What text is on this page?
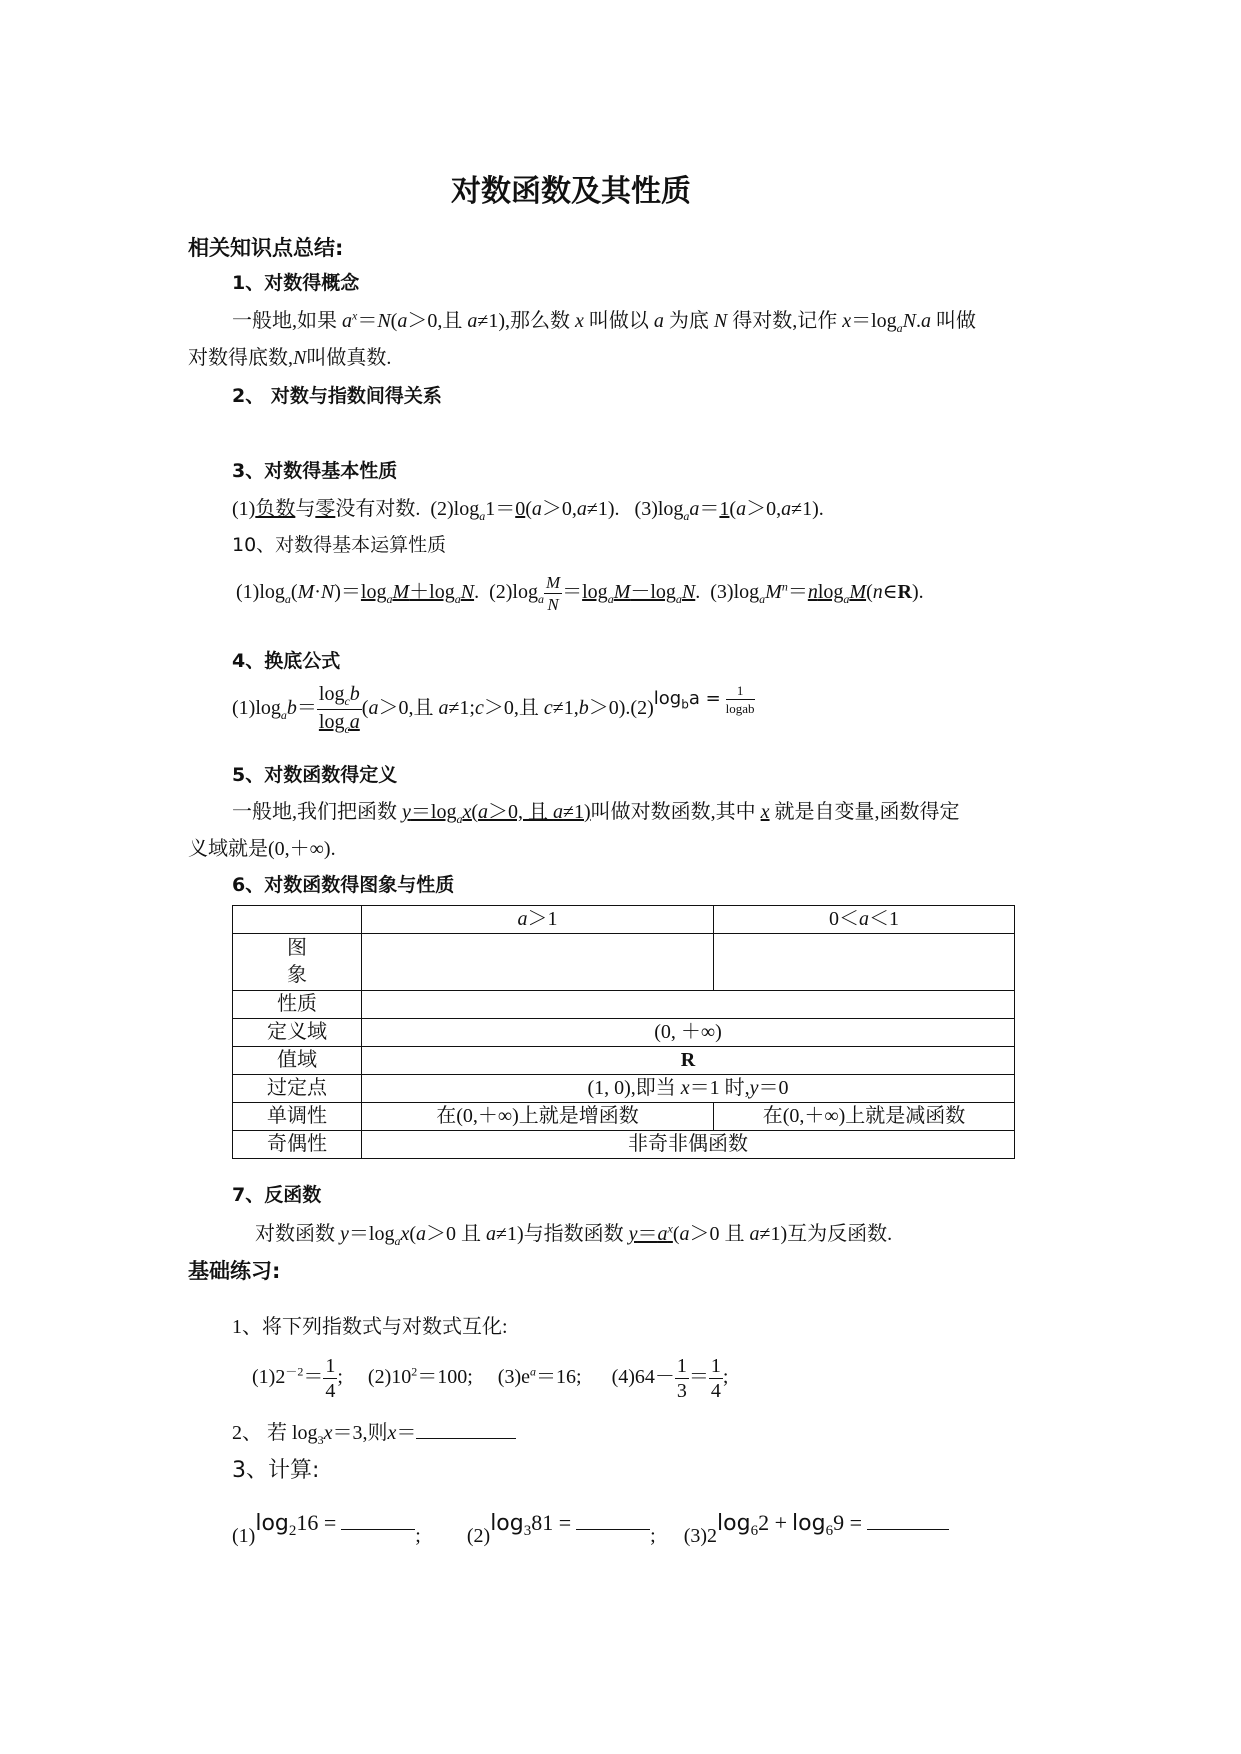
对数函数及其性质
相关知识点总结:
1、对数得概念
一般地,如果 $a^x=N(a>0$,且 a≠1),那么数 x 叫做以 a 为底 N 得对数,记作 $x=\log_aN.a$ 叫做
对数得底数,N叫做真数.
2、 对数与指数间得关系
3、对数得基本性质
(1)负数与零没有对数. $(2)\log_a1=0(a>0,a\ne 1)$. $(3)\log_aa=1(a>0,a\ne 1)$.
10、对数得基本运算性质
$(1)\log_a(M\cdot N)=\log_aM+\log_aN$. $(2)\log_a \frac{M}{N} =\log_aM-\log_aN$. $(3)\log_aM^n=nlog_aM(n\in R)$.
4、换底公式
$(1)\log_ab= \frac{\log_cb}{\log_ca} (a>0$,且 a≠1;c＞0,且 $c\ne 1,b>0).(2)\log_ba = \frac{1}{\text{logab}}$
5、对数函数得定义
一般地,我们把函数 $y=\log_ax(a>0$, 且 a≠1)叫做对数函数,其中 x 就是自变量,函数得定
义域就是(0,＋∞).
6、对数函数得图象与性质
	a＞1	0＜a＜1
图
象		
性质		
定义域	(0, ＋∞)	
值域	R	
过定点	(1, 0),即当 x＝1 时,y＝0	
单调性	在(0,＋∞)上就是增函数	在(0,＋∞)上就是减函数
奇偶性	非奇非偶函数	
7、反函数
对数函数 $y=\log_ax(a>0$ 且 a≠1)与指数函数 $y=a^x(a>0$ 且 a≠1)互为反函数.
基础练习:
1、将下列指数式与对数式互化:
$(1)2^{-2}= \frac{1}{4}$ ; $(2)10^2=100$; $(3)e^a=16$; $(4)64- \frac{1}{3} = \frac{1}{4}$ ;
2、 若 $\log_3x=3$,则x＝
3、计算:
$(1)\log_216$ = ; $(2)\log_381$ = ; $(3)2\log_62 + \log_69$ =
